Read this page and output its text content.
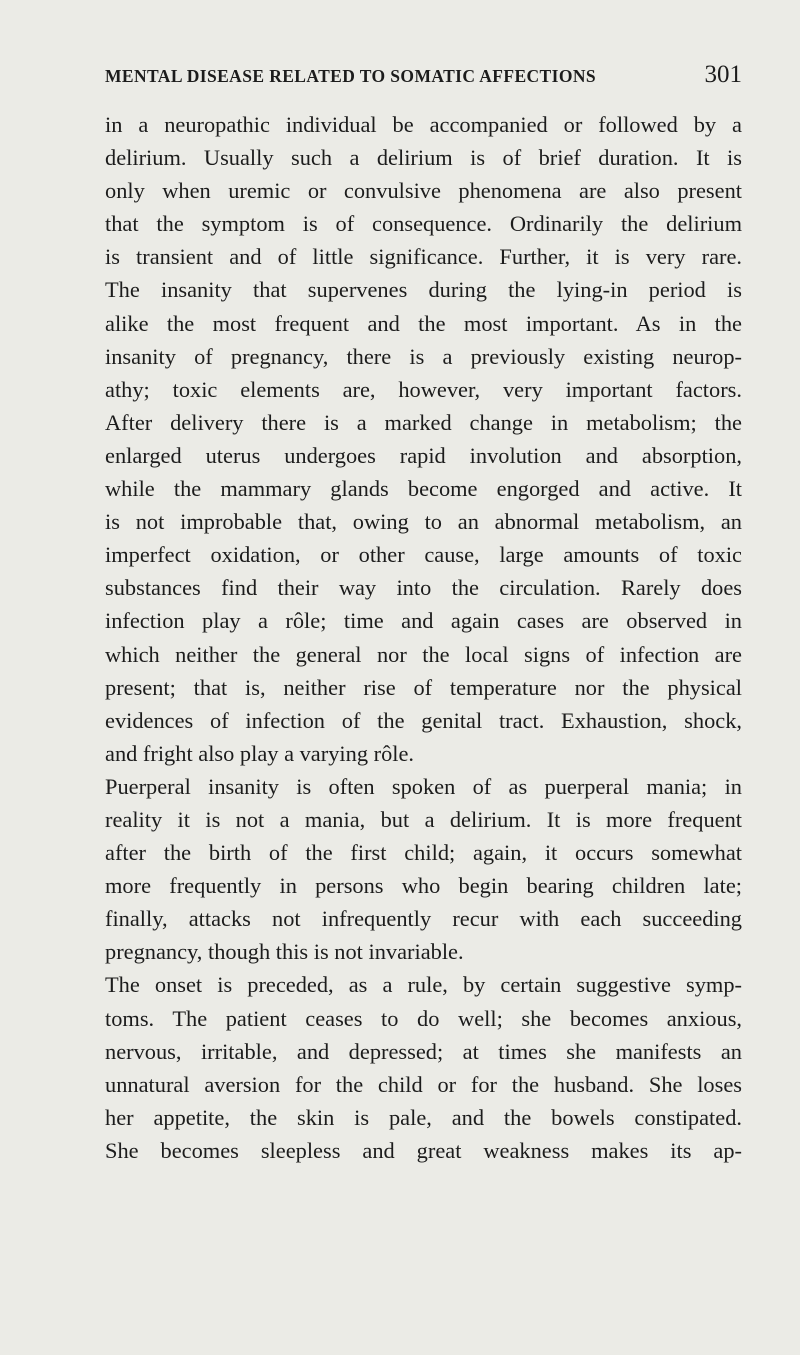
MENTAL DISEASE RELATED TO SOMATIC AFFECTIONS	301
in a neuropathic individual be accompanied or followed by a
delirium. Usually such a delirium is of brief duration. It is
only when uremic or convulsive phenomena are also present
that the symptom is of consequence. Ordinarily the delirium
is transient and of little significance. Further, it is very rare.
The insanity that supervenes during the lying-in period is
alike the most frequent and the most important. As in the
insanity of pregnancy, there is a previously existing neurop-
athy; toxic elements are, however, very important factors.
After delivery there is a marked change in metabolism; the
enlarged uterus undergoes rapid involution and absorption,
while the mammary glands become engorged and active. It
is not improbable that, owing to an abnormal metabolism, an
imperfect oxidation, or other cause, large amounts of toxic
substances find their way into the circulation. Rarely does
infection play a rôle; time and again cases are observed in
which neither the general nor the local signs of infection are
present; that is, neither rise of temperature nor the physical
evidences of infection of the genital tract. Exhaustion, shock,
and fright also play a varying rôle.
Puerperal insanity is often spoken of as puerperal mania; in
reality it is not a mania, but a delirium. It is more frequent
after the birth of the first child; again, it occurs somewhat
more frequently in persons who begin bearing children late;
finally, attacks not infrequently recur with each succeeding
pregnancy, though this is not invariable.
The onset is preceded, as a rule, by certain suggestive symp-
toms. The patient ceases to do well; she becomes anxious,
nervous, irritable, and depressed; at times she manifests an
unnatural aversion for the child or for the husband. She loses
her appetite, the skin is pale, and the bowels constipated.
She becomes sleepless and great weakness makes its ap-
